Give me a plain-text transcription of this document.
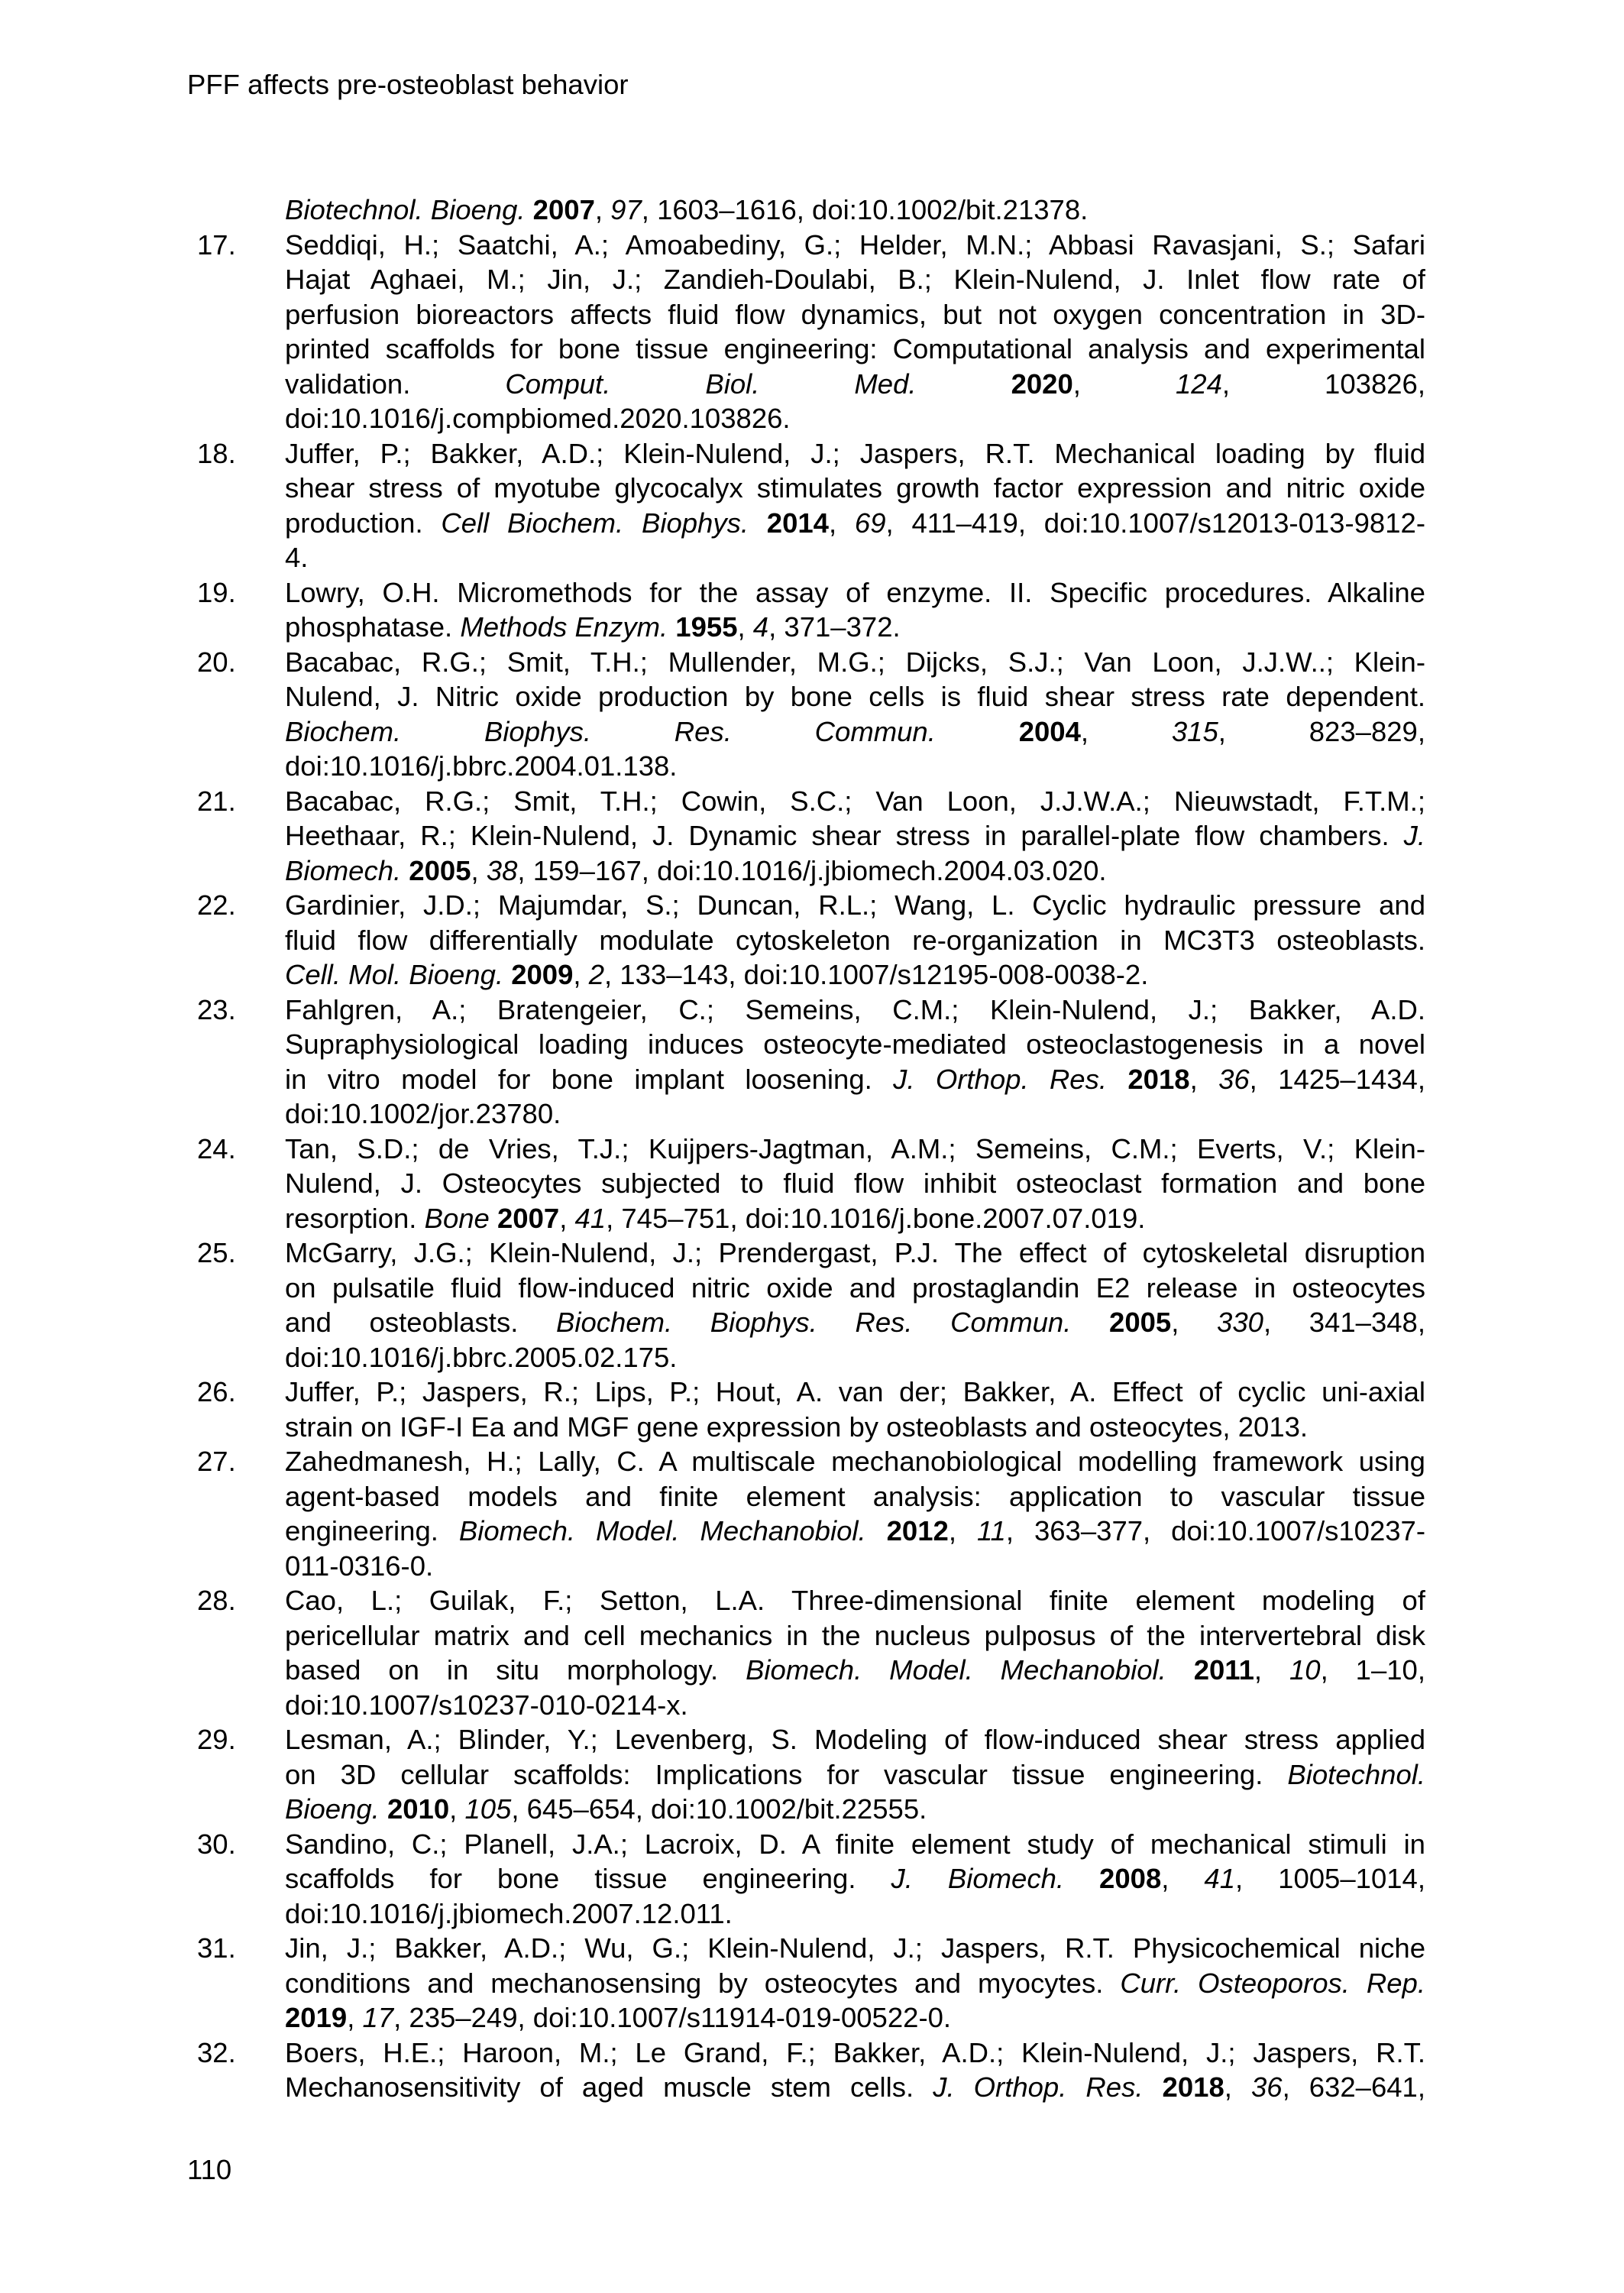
PFF affects pre-osteoblast behavior
Biotechnol. Bioeng. 2007, 97, 1603–1616, doi:10.1002/bit.21378.
17.	Seddiqi, H.; Saatchi, A.; Amoabediny, G.; Helder, M.N.; Abbasi Ravasjani, S.; Safari
Hajat Aghaei, M.; Jin, J.; Zandieh-Doulabi, B.; Klein-Nulend, J. Inlet flow rate of
perfusion bioreactors affects fluid flow dynamics, but not oxygen concentration in 3D-
printed scaffolds for bone tissue engineering: Computational analysis and experimental
validation. Comput. Biol. Med. 2020, 124, 103826,
doi:10.1016/j.compbiomed.2020.103826.
18.	Juffer, P.; Bakker, A.D.; Klein-Nulend, J.; Jaspers, R.T. Mechanical loading by fluid
shear stress of myotube glycocalyx stimulates growth factor expression and nitric oxide
production. Cell Biochem. Biophys. 2014, 69, 411–419, doi:10.1007/s12013-013-9812-
4.
19.	Lowry, O.H. Micromethods for the assay of enzyme. II. Specific procedures. Alkaline
phosphatase. Methods Enzym. 1955, 4, 371–372.
20.	Bacabac, R.G.; Smit, T.H.; Mullender, M.G.; Dijcks, S.J.; Van Loon, J.J.W..; Klein-
Nulend, J. Nitric oxide production by bone cells is fluid shear stress rate dependent.
Biochem. Biophys. Res. Commun. 2004, 315, 823–829,
doi:10.1016/j.bbrc.2004.01.138.
21.	Bacabac, R.G.; Smit, T.H.; Cowin, S.C.; Van Loon, J.J.W.A.; Nieuwstadt, F.T.M.;
Heethaar, R.; Klein-Nulend, J. Dynamic shear stress in parallel-plate flow chambers. J.
Biomech. 2005, 38, 159–167, doi:10.1016/j.jbiomech.2004.03.020.
22.	Gardinier, J.D.; Majumdar, S.; Duncan, R.L.; Wang, L. Cyclic hydraulic pressure and
fluid flow differentially modulate cytoskeleton re-organization in MC3T3 osteoblasts.
Cell. Mol. Bioeng. 2009, 2, 133–143, doi:10.1007/s12195-008-0038-2.
23.	Fahlgren, A.; Bratengeier, C.; Semeins, C.M.; Klein-Nulend, J.; Bakker, A.D.
Supraphysiological loading induces osteocyte-mediated osteoclastogenesis in a novel
in vitro model for bone implant loosening. J. Orthop. Res. 2018, 36, 1425–1434,
doi:10.1002/jor.23780.
24.	Tan, S.D.; de Vries, T.J.; Kuijpers-Jagtman, A.M.; Semeins, C.M.; Everts, V.; Klein-
Nulend, J. Osteocytes subjected to fluid flow inhibit osteoclast formation and bone
resorption. Bone 2007, 41, 745–751, doi:10.1016/j.bone.2007.07.019.
25.	McGarry, J.G.; Klein-Nulend, J.; Prendergast, P.J. The effect of cytoskeletal disruption
on pulsatile fluid flow-induced nitric oxide and prostaglandin E2 release in osteocytes
and osteoblasts. Biochem. Biophys. Res. Commun. 2005, 330, 341–348,
doi:10.1016/j.bbrc.2005.02.175.
26.	Juffer, P.; Jaspers, R.; Lips, P.; Hout, A. van der; Bakker, A. Effect of cyclic uni-axial
strain on IGF-I Ea and MGF gene expression by osteoblasts and osteocytes, 2013.
27.	Zahedmanesh, H.; Lally, C. A multiscale mechanobiological modelling framework using
agent-based models and finite element analysis: application to vascular tissue
engineering. Biomech. Model. Mechanobiol. 2012, 11, 363–377, doi:10.1007/s10237-
011-0316-0.
28.	Cao, L.; Guilak, F.; Setton, L.A. Three-dimensional finite element modeling of
pericellular matrix and cell mechanics in the nucleus pulposus of the intervertebral disk
based on in situ morphology. Biomech. Model. Mechanobiol. 2011, 10, 1–10,
doi:10.1007/s10237-010-0214-x.
29.	Lesman, A.; Blinder, Y.; Levenberg, S. Modeling of flow-induced shear stress applied
on 3D cellular scaffolds: Implications for vascular tissue engineering. Biotechnol.
Bioeng. 2010, 105, 645–654, doi:10.1002/bit.22555.
30.	Sandino, C.; Planell, J.A.; Lacroix, D. A finite element study of mechanical stimuli in
scaffolds for bone tissue engineering. J. Biomech. 2008, 41, 1005–1014,
doi:10.1016/j.jbiomech.2007.12.011.
31.	Jin, J.; Bakker, A.D.; Wu, G.; Klein-Nulend, J.; Jaspers, R.T. Physicochemical niche
conditions and mechanosensing by osteocytes and myocytes. Curr. Osteoporos. Rep.
2019, 17, 235–249, doi:10.1007/s11914-019-00522-0.
32.	Boers, H.E.; Haroon, M.; Le Grand, F.; Bakker, A.D.; Klein-Nulend, J.; Jaspers, R.T.
Mechanosensitivity of aged muscle stem cells. J. Orthop. Res. 2018, 36, 632–641,
110
